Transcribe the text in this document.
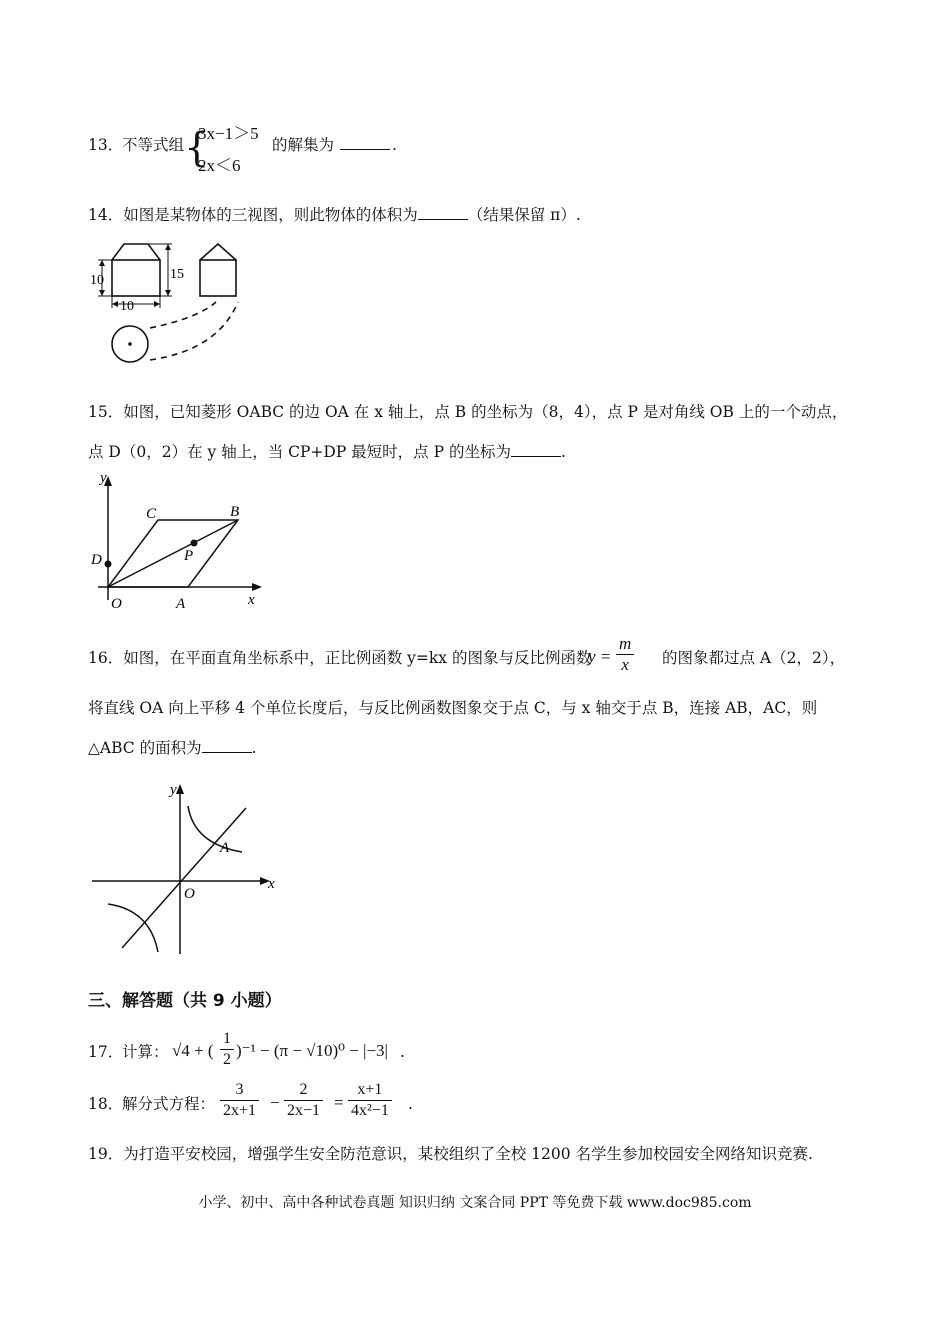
13．
不等式组 {
3x−1＞5
2x＜6
的解集为	.
14．如图是某物体的三视图，则此物体的体积为	（结果保留 π）.
10	15
10
15．如图，已知菱形 OABC 的边 OA 在 x 轴上，点 B 的坐标为（8，4），点 P 是对角线 OB 上的一个动点，
点 D（0，2）在 y 轴上，当 CP+DP 最短时，点 P 的坐标为	.
y
x
C	B
D	P
O	A
16．如图，在平面直角坐标系中，正比例函数 y=kx 的图象与反比例函数
$y = \frac{m}{x}$ 的图象都过点 A（2，2），
将直线 OA 向上平移 4 个单位长度后，与反比例函数图象交于点 C，与 x 轴交于点 B，连接 AB，AC，则
△ABC 的面积为	.
y
x
A
O
三、解答题（共 9 小题）
17．
计算： √4 + ( $\frac{1}{2} )^{-1} - (\pi - √10)^0 - |-3|$ .
18．
解分式方程： $\frac{3}{2x+1} - \frac{2}{2x-1} = \frac{x+1}{\text{4x²−1}}$ .
19．为打造平安校园，增强学生安全防范意识，某校组织了全校 1200 名学生参加校园安全网络知识竞赛.
小学、初中、高中各种试卷真题 知识归纳 文案合同 PPT 等免费下载 www.doc985.com
